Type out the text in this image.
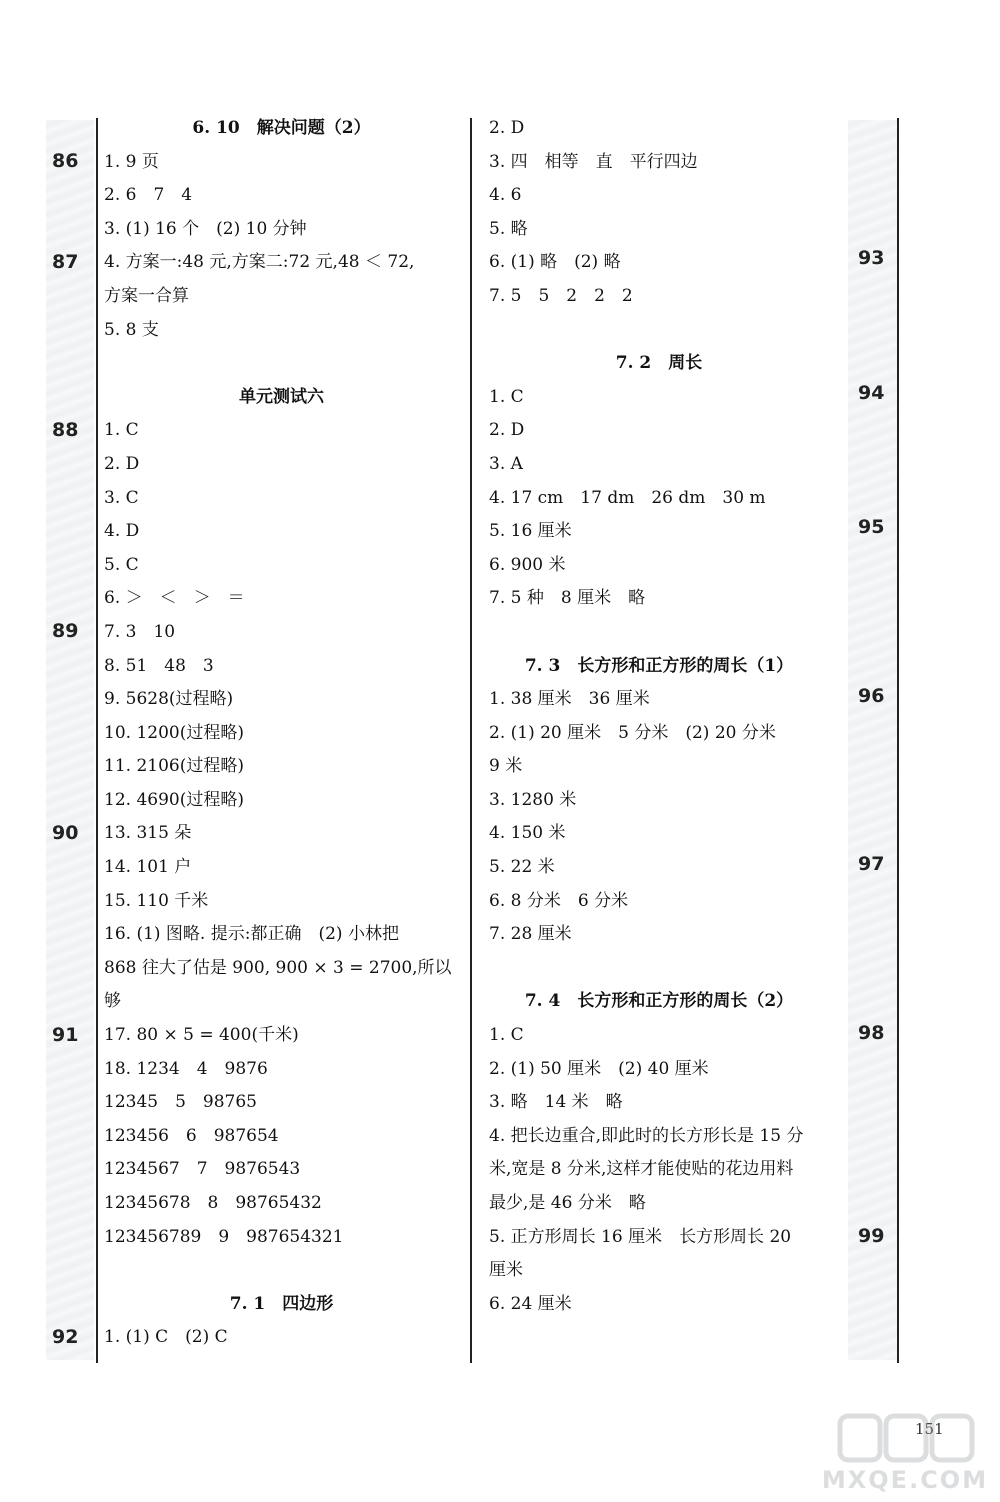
6. 10　解决问题（2）
1. 9 页
2. 6　7　4
3. (1) 16 个　(2) 10 分钟
4. 方案一:48 元,方案二:72 元,48 ＜ 72,
方案一合算
5. 8 支
单元测试六
1. C
2. D
3. C
4. D
5. C
6. ＞　＜　＞　＝
7. 3　10
8. 51　48　3
9. 5628(过程略)
10. 1200(过程略)
11. 2106(过程略)
12. 4690(过程略)
13. 315 朵
14. 101 户
15. 110 千米
16. (1) 图略. 提示:都正确　(2) 小林把
868 往大了估是 900, 900 × 3 = 2700,所以
够
17. 80 × 5 = 400(千米)
18. 1234　4　9876
12345　5　98765
123456　6　987654
1234567　7　9876543
12345678　8　98765432
123456789　9　987654321
7. 1　四边形
1. (1) C　(2) C
2. D
3. 四　相等　直　平行四边
4. 6
5. 略
6. (1) 略　(2) 略
7. 5　5　2　2　2
7. 2　周长
1. C
2. D
3. A
4. 17 cm　17 dm　26 dm　30 m
5. 16 厘米
6. 900 米
7. 5 种　8 厘米　略
7. 3　长方形和正方形的周长（1）
1. 38 厘米　36 厘米
2. (1) 20 厘米　5 分米　(2) 20 分米
9 米
3. 1280 米
4. 150 米
5. 22 米
6. 8 分米　6 分米
7. 28 厘米
7. 4　长方形和正方形的周长（2）
1. C
2. (1) 50 厘米　(2) 40 厘米
3. 略　14 米　略
4. 把长边重合,即此时的长方形长是 15 分
米,宽是 8 分米,这样才能使贴的花边用料
最少,是 46 分米　略
5. 正方形周长 16 厘米　长方形周长 20
厘米
6. 24 厘米
86
87
88
89
90
91
92
93
94
95
96
97
98
99
151
MXQE.COM
